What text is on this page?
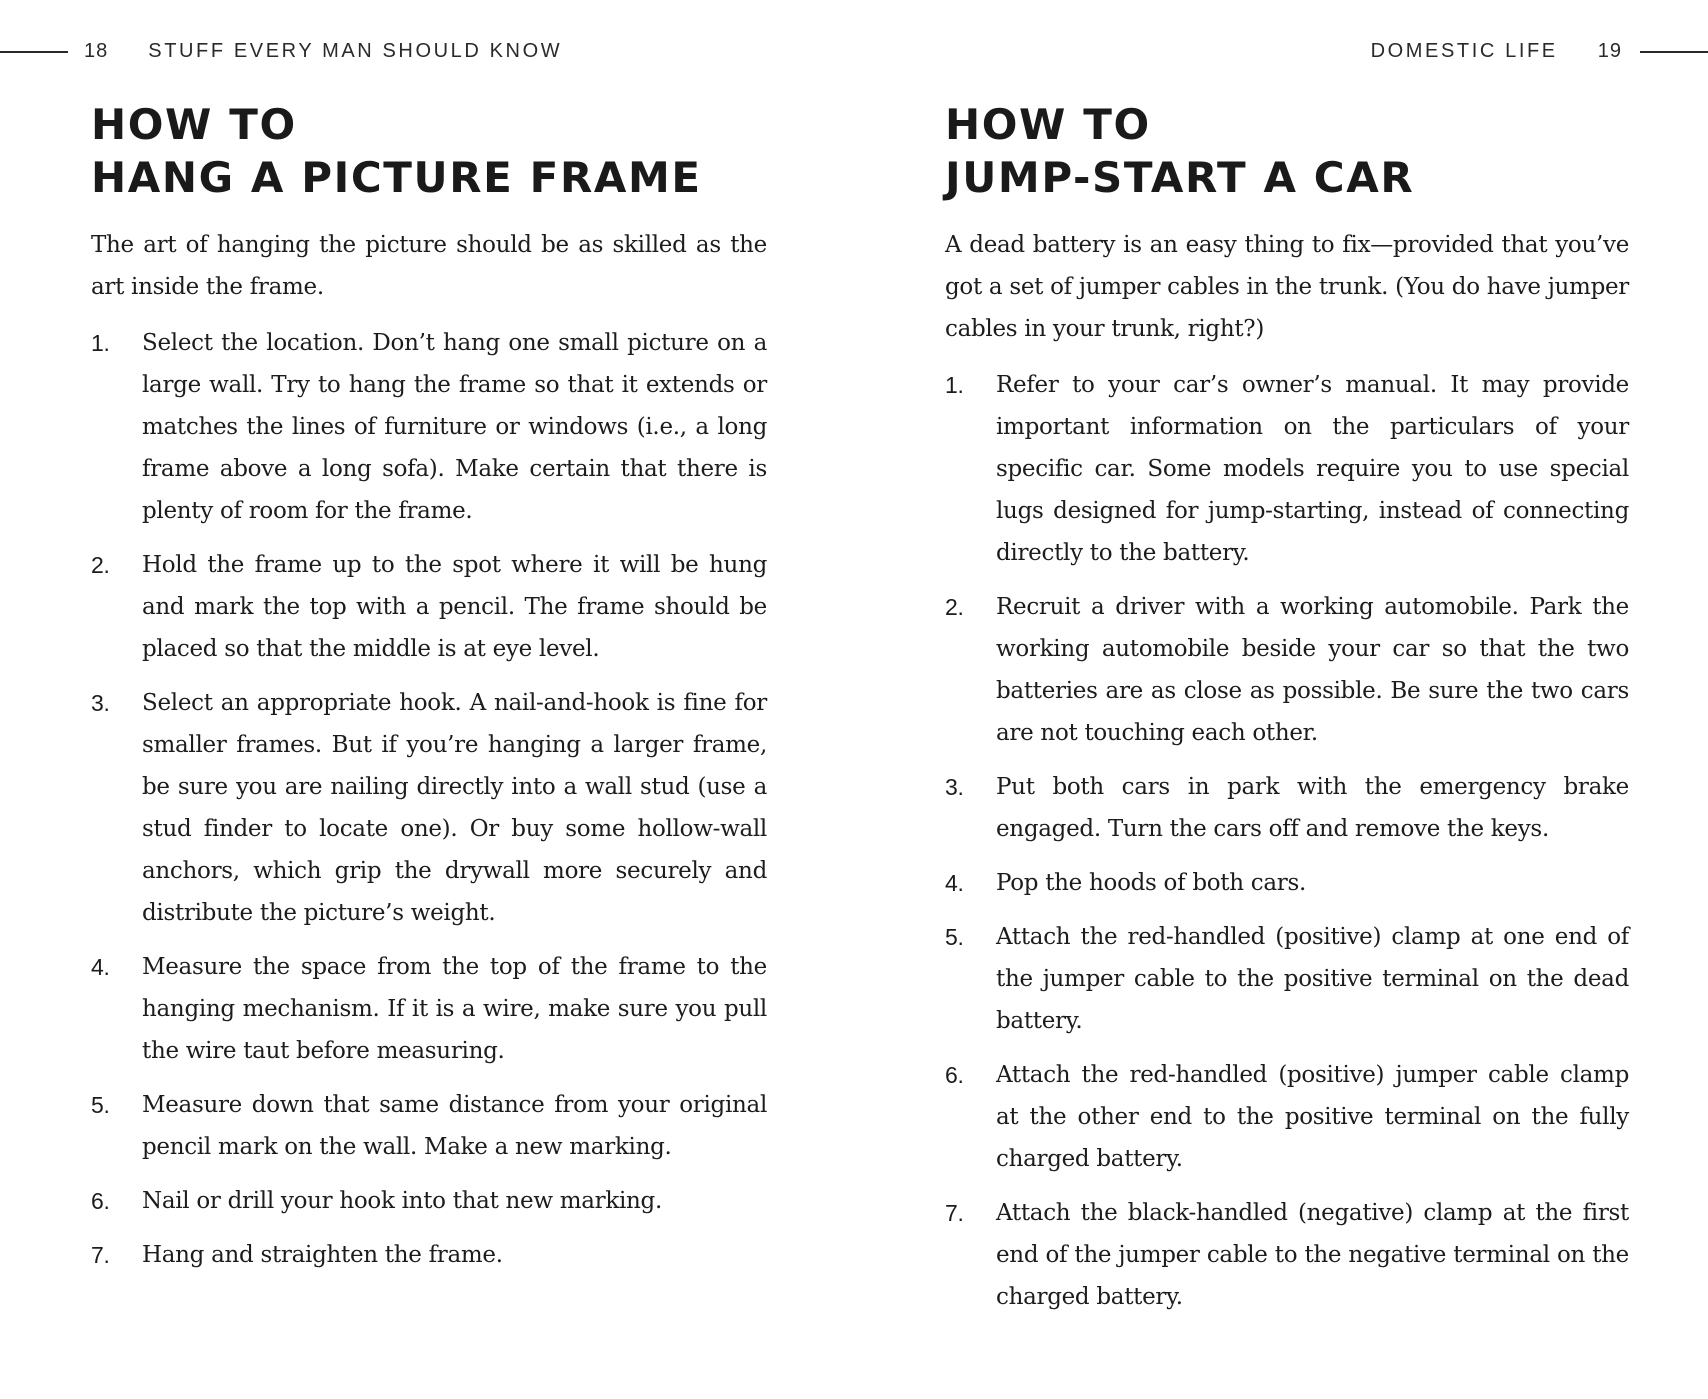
18 STUFF EVERY MAN SHOULD KNOW
HOW TO
HANG A PICTURE FRAME

The art of hanging the picture should be as skilled as the art inside the frame.

1. Select the location. Don’t hang one small picture on a large wall. Try to hang the frame so that it extends or matches the lines of furniture or windows (i.e., a long frame above a long sofa). Make certain that there is plenty of room for the frame.
2. Hold the frame up to the spot where it will be hung and mark the top with a pencil. The frame should be placed so that the middle is at eye level.
3. Select an appropriate hook. A nail-and-hook is fine for smaller frames. But if you’re hanging a larger frame, be sure you are nailing directly into a wall stud (use a stud finder to locate one). Or buy some hollow-wall anchors, which grip the drywall more securely and distribute the picture’s weight.
4. Measure the space from the top of the frame to the hanging mechanism. If it is a wire, make sure you pull the wire taut before measuring.
5. Measure down that same distance from your original pencil mark on the wall. Make a new marking.
6. Nail or drill your hook into that new marking.
7. Hang and straighten the frame.
DOMESTIC LIFE 19
HOW TO
JUMP-START A CAR

A dead battery is an easy thing to fix—provided that you’ve got a set of jumper cables in the trunk. (You do have jumper cables in your trunk, right?)

1. Refer to your car’s owner’s manual. It may provide important information on the particulars of your specific car. Some models require you to use special lugs designed for jump-starting, instead of connecting directly to the battery.
2. Recruit a driver with a working automobile. Park the working automobile beside your car so that the two batteries are as close as possible. Be sure the two cars are not touching each other.
3. Put both cars in park with the emergency brake engaged. Turn the cars off and remove the keys.
4. Pop the hoods of both cars.
5. Attach the red-handled (positive) clamp at one end of the jumper cable to the positive terminal on the dead battery.
6. Attach the red-handled (positive) jumper cable clamp at the other end to the positive terminal on the fully charged battery.
7. Attach the black-handled (negative) clamp at the first end of the jumper cable to the negative terminal on the charged battery.
